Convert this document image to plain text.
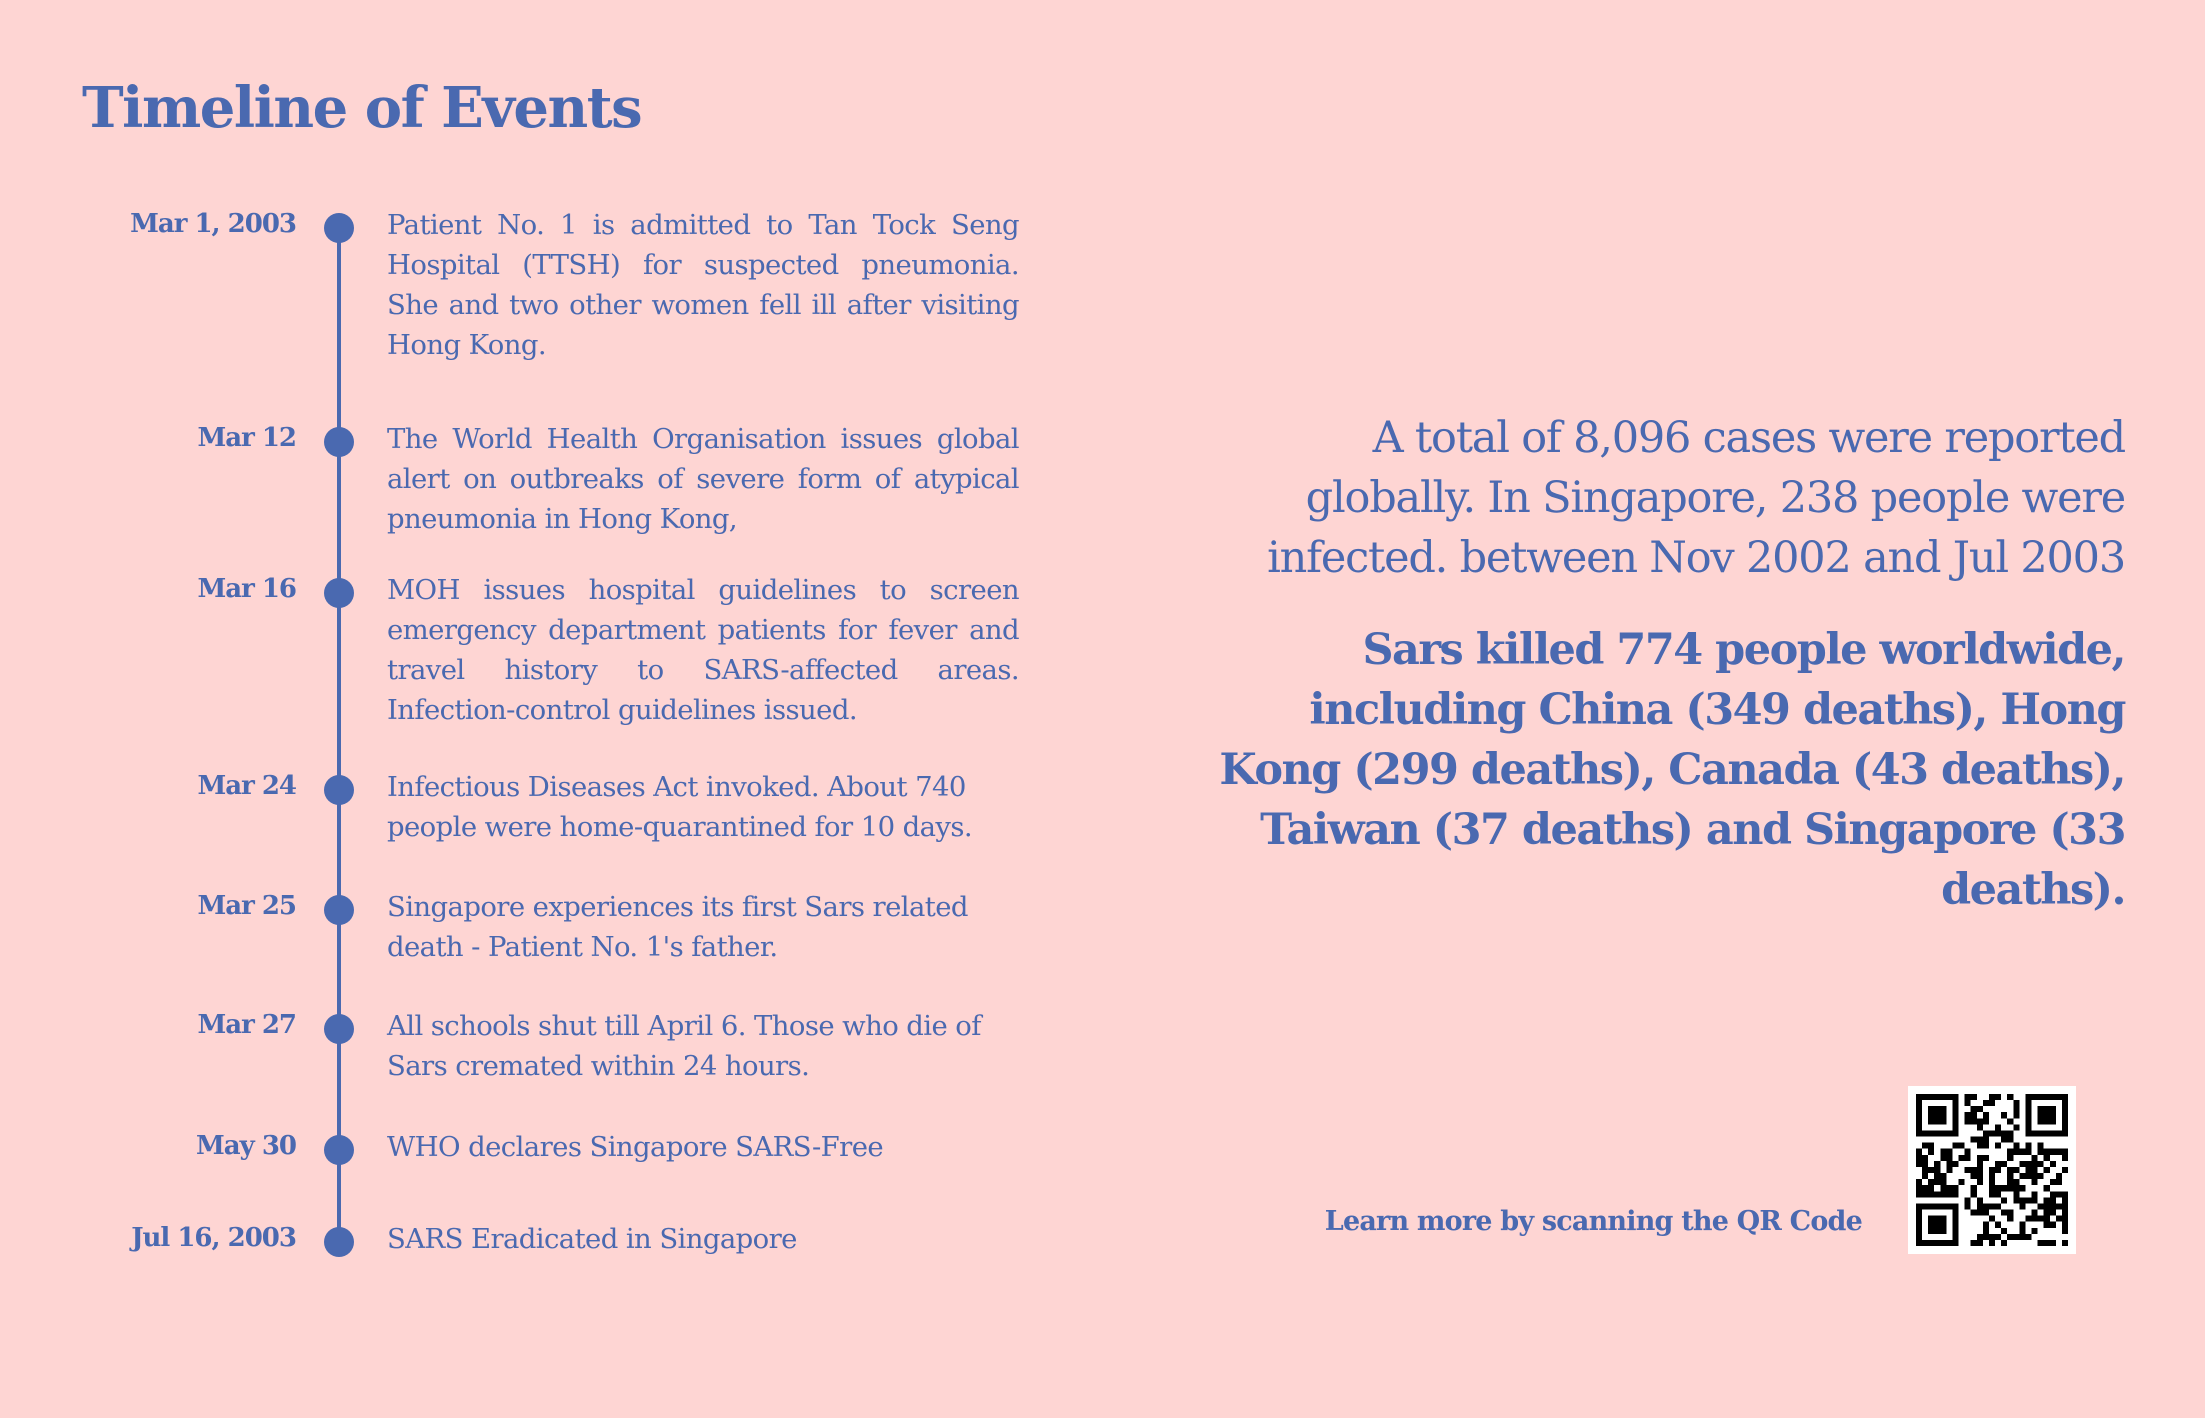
Timeline of Events
Mar 1, 2003	Patient No. 1 is admitted to Tan Tock Seng Hospital (TTSH) for suspected pneumonia. She and two other women fell ill after visiting Hong Kong.

Mar 12	The World Health Organisation issues global alert on outbreaks of severe form of atypical pneumonia in Hong Kong,

Mar 16	MOH issues hospital guidelines to screen emergency department patients for fever and travel history to SARS-affected areas. Infection-control guidelines issued.

Mar 24	Infectious Diseases Act invoked. About 740 people were home-quarantined for 10 days.

Mar 25	Singapore experiences its first Sars related death - Patient No. 1's father.

Mar 27	All schools shut till April 6. Those who die of Sars cremated within 24 hours.

May 30	WHO declares Singapore SARS-Free

Jul 16, 2003	SARS Eradicated in Singapore

A total of 8,096 cases were reported globally. In Singapore, 238 people were infected. between Nov 2002 and Jul 2003

Sars killed 774 people worldwide, including China (349 deaths), Hong Kong (299 deaths), Canada (43 deaths), Taiwan (37 deaths) and Singapore (33 deaths).

Learn more by scanning the QR Code
